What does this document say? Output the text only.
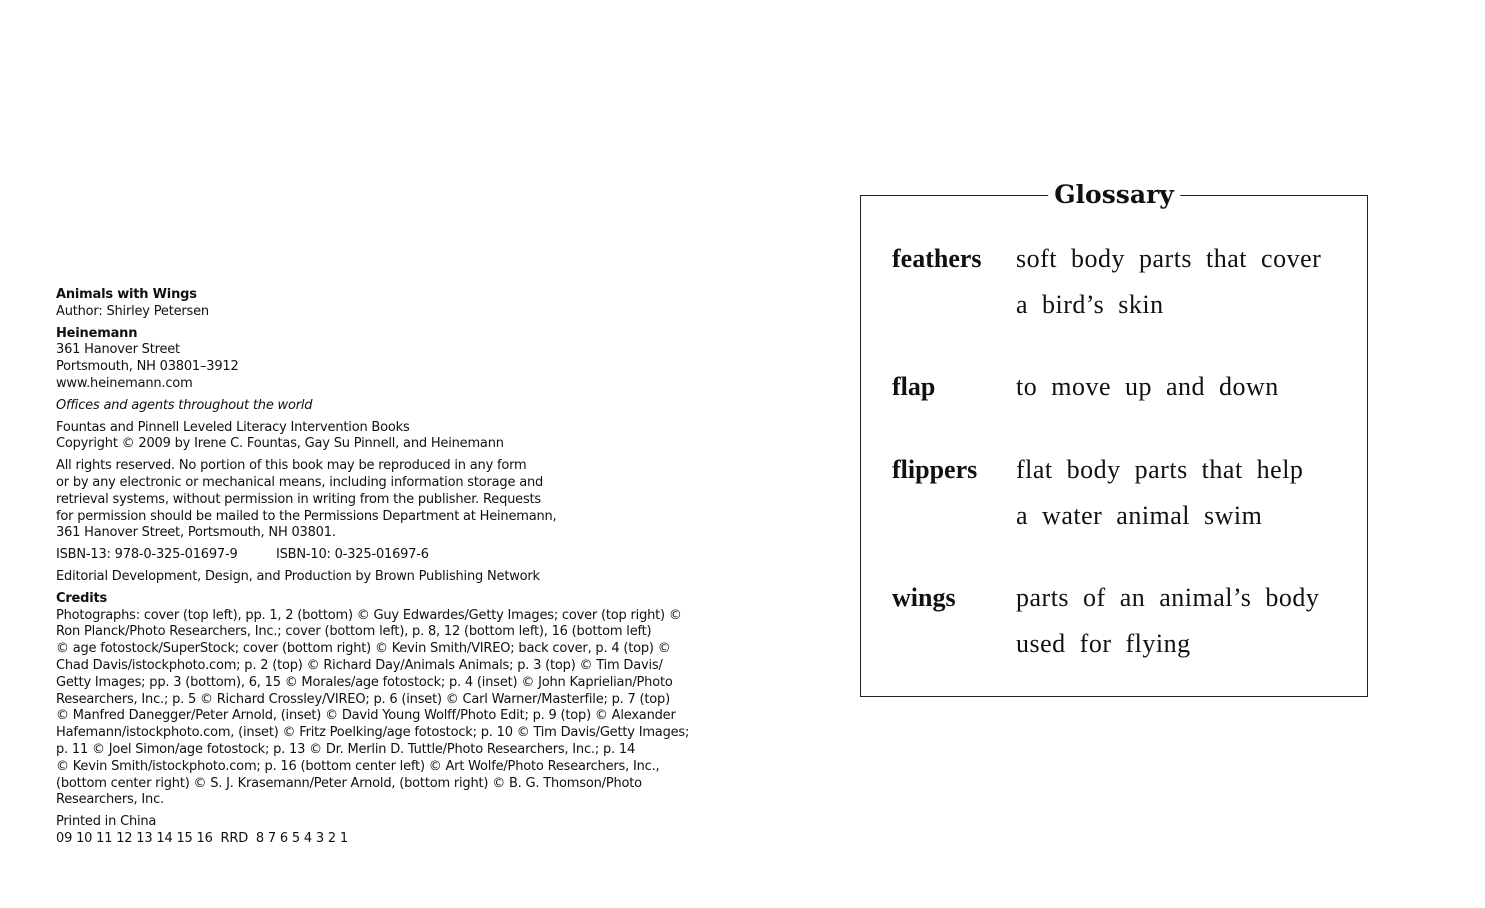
Animals with Wings
Author: Shirley Petersen
Heinemann
361 Hanover Street
Portsmouth, NH 03801–3912
www.heinemann.com
Offices and agents throughout the world
Fountas and Pinnell Leveled Literacy Intervention Books
Copyright © 2009 by Irene C. Fountas, Gay Su Pinnell, and Heinemann
All rights reserved. No portion of this book may be reproduced in any form
or by any electronic or mechanical means, including information storage and
retrieval systems, without permission in writing from the publisher. Requests
for permission should be mailed to the Permissions Department at Heinemann,
361 Hanover Street, Portsmouth, NH 03801.
ISBN-13: 978-0-325-01697-9	ISBN-10: 0-325-01697-6
Editorial Development, Design, and Production by Brown Publishing Network
Credits
Photographs: cover (top left), pp. 1, 2 (bottom) © Guy Edwardes/Getty Images; cover (top right) ©
Ron Planck/Photo Researchers, Inc.; cover (bottom left), p. 8, 12 (bottom left), 16 (bottom left)
© age fotostock/SuperStock; cover (bottom right) © Kevin Smith/VIREO; back cover, p. 4 (top) ©
Chad Davis/istockphoto.com; p. 2 (top) © Richard Day/Animals Animals; p. 3 (top) © Tim Davis/
Getty Images; pp. 3 (bottom), 6, 15 © Morales/age fotostock; p. 4 (inset) © John Kaprielian/Photo
Researchers, Inc.; p. 5 © Richard Crossley/VIREO; p. 6 (inset) © Carl Warner/Masterfile; p. 7 (top)
© Manfred Danegger/Peter Arnold, (inset) © David Young Wolff/Photo Edit; p. 9 (top) © Alexander
Hafemann/istockphoto.com, (inset) © Fritz Poelking/age fotostock; p. 10 © Tim Davis/Getty Images;
p. 11 © Joel Simon/age fotostock; p. 13 © Dr. Merlin D. Tuttle/Photo Researchers, Inc.; p. 14
© Kevin Smith/istockphoto.com; p. 16 (bottom center left) © Art Wolfe/Photo Researchers, Inc.,
(bottom center right) © S. J. Krasemann/Peter Arnold, (bottom right) © B. G. Thomson/Photo
Researchers, Inc.
Printed in China
09 10 11 12 13 14 15 16  RRD  8 7 6 5 4 3 2 1
Glossary
feathers soft body parts that cover
a bird’s skin
flap	to move up and down
flippers flat body parts that help
a water animal swim
wings parts of an animal’s body
used for flying
